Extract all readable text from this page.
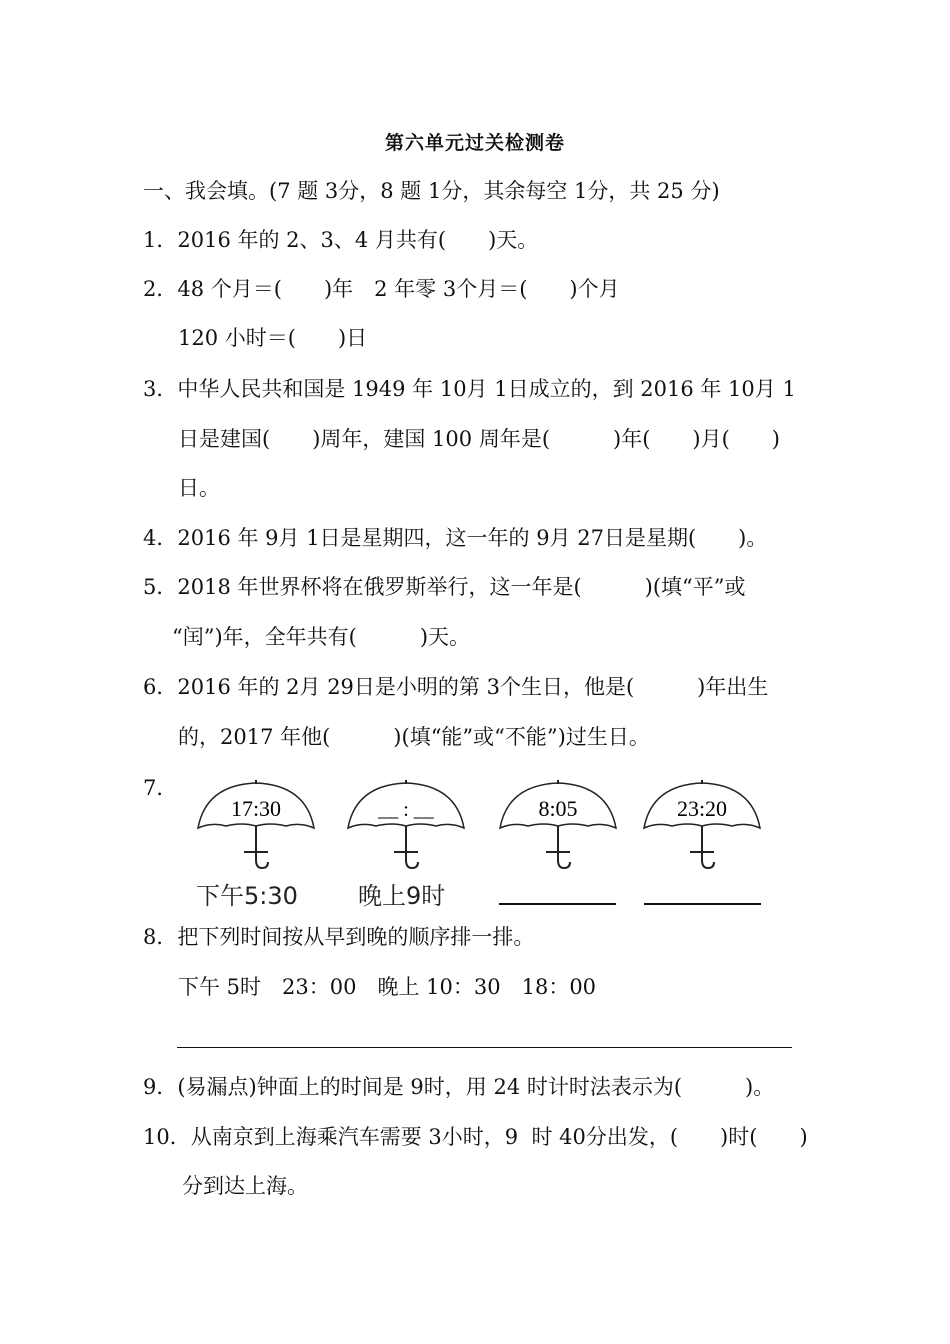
第六单元过关检测卷
一、我会填。(7 题 3分，8 题 1分，其余每空 1分，共 25 分)
1．2016 年的 2、3、4 月共有(　　)天。
2．48 个月＝(　　)年　2 年零 3个月＝(　　)个月
120 小时＝(　　)日
3．中华人民共和国是 1949 年 10月 1日成立的，到 2016 年 10月 1
日是建国(　　)周年，建国 100 周年是(　　　)年(　　)月(　　)
日。
4．2016 年 9月 1日是星期四，这一年的 9月 27日是星期(　　)。
5．2018 年世界杯将在俄罗斯举行，这一年是(　　　)(填“平”或
“闰”)年，全年共有(　　　)天。
6．2016 年的 2月 29日是小明的第 3个生日，他是(　　　)年出生
的，2017 年他(　　　)(填“能”或“不能”)过生日。
7．
17:30
下午5:30
__ : __
晚上9时
8:05	23:20
8．把下列时间按从早到晚的顺序排一排。
下午 5时　23：00　晚上 10：30　18：00
9．(易漏点)钟面上的时间是 9时，用 24 时计时法表示为(　　　)。
10．从南京到上海乘汽车需要 3小时，9  时 40分出发，(　　)时(　　)
分到达上海。
